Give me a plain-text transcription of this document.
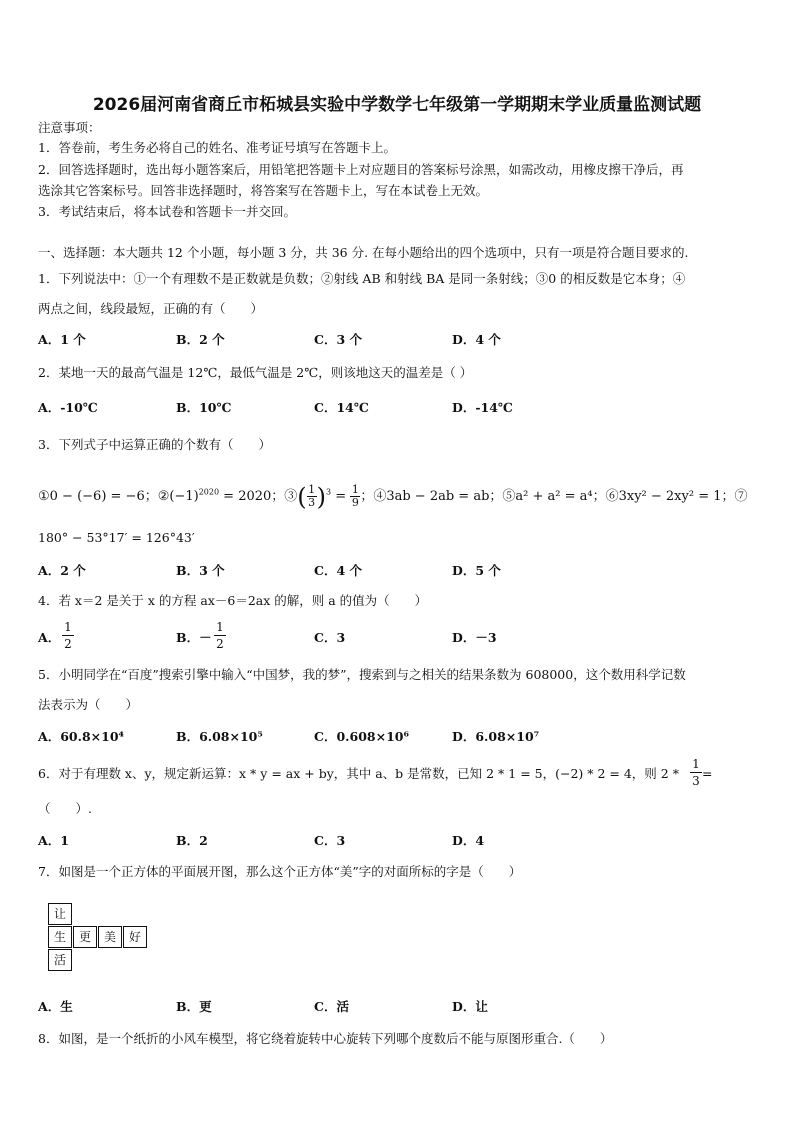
2026届河南省商丘市柘城县实验中学数学七年级第一学期期末学业质量监测试题
注意事项：
1．答卷前，考生务必将自己的姓名、准考证号填写在答题卡上。
2．回答选择题时，选出每小题答案后，用铅笔把答题卡上对应题目的答案标号涂黑，如需改动，用橡皮擦干净后，再
选涂其它答案标号。回答非选择题时，将答案写在答题卡上，写在本试卷上无效。
3．考试结束后，将本试卷和答题卡一并交回。
一、选择题：本大题共 12 个小题，每小题 3 分，共 36 分. 在每小题给出的四个选项中，只有一项是符合题目要求的.
1．下列说法中：①一个有理数不是正数就是负数；②射线 AB 和射线 BA 是同一条射线；③0 的相反数是它本身；④
两点之间，线段最短，正确的有（　　）
A．1 个	B．2 个	C．3 个	D．4 个
2．某地一天的最高气温是 12℃，最低气温是 2℃，则该地这天的温差是（ ）
A．-10℃	B．10℃	C．14℃	D．-14℃
3．下列式子中运算正确的个数有（　　）
①0 − (−6) = −6；$②(-1)^{2020} = 2020$；③( $\frac{1}{3} )^3 = \frac{1}{9}$ ；④3ab − 2ab = ab；⑤a² + a² = a⁴；⑥3xy² − 2xy² = 1；⑦
180° − 53°17′ = 126°43′
A．2 个	B．3 个	C．4 个	D．5 个
4．若 x＝2 是关于 x 的方程 ax－6＝2ax 的解，则 a 的值为（　　）
A．
1
2	B．－
1
2	C．3	D．－3
5．小明同学在“百度”搜索引擎中输入“中国梦，我的梦”，搜索到与之相关的结果条数为 608000，这个数用科学记数
法表示为（　　）
A．60.8×10⁴	B．6.08×10⁵	C．0.608×10⁶	D．6.08×10⁷
6．对于有理数 x、y，规定新运算：x * y = ax + by，其中 a、b 是常数，已知 2 * 1 = 5，(−2) * 2 = 4，则 2 *
1
3 =
（　　）.
A．1	B．2	C．3	D．4
7．如图是一个正方体的平面展开图，那么这个正方体“美”字的对面所标的字是（　　）
让
生	更	美	好
活
A．生	B．更	C．活	D．让
8．如图，是一个纸折的小风车模型，将它绕着旋转中心旋转下列哪个度数后不能与原图形重合.（　　）
